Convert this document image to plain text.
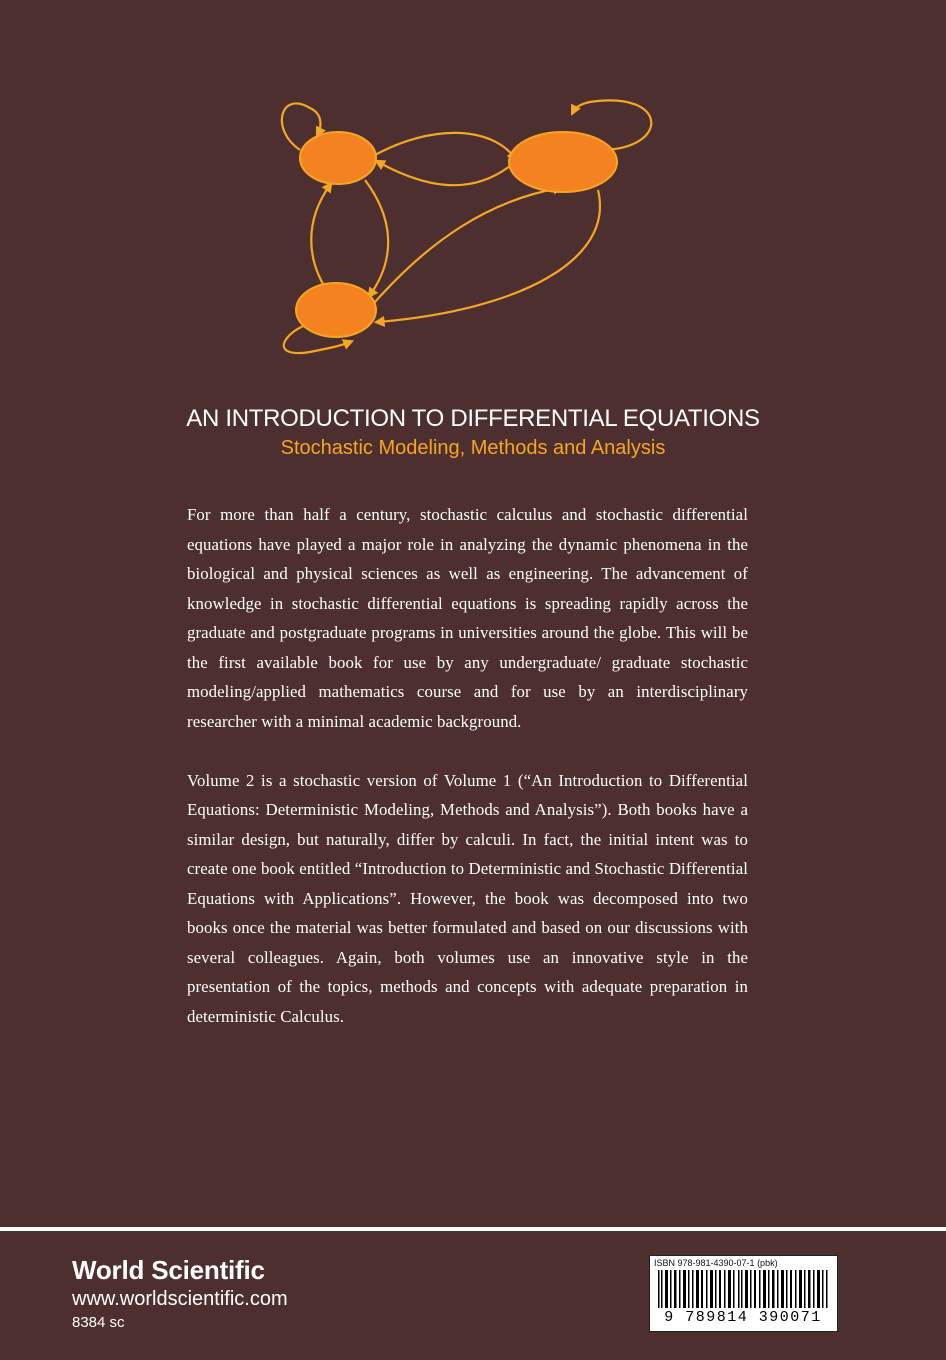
AN INTRODUCTION TO DIFFERENTIAL EQUATIONS

Stochastic Modeling, Methods and Analysis

For more than half a century, stochastic calculus and stochastic differential equations have played a major role in analyzing the dynamic phenomena in the biological and physical sciences as well as engineering. The advancement of knowledge in stochastic differential equations is spreading rapidly across the graduate and postgraduate programs in universities around the globe. This will be the first available book for use by any undergraduate/ graduate stochastic modeling/applied mathematics course and for use by an interdisciplinary researcher with a minimal academic background.

Volume 2 is a stochastic version of Volume 1 (“An Introduction to Differential Equations: Deterministic Modeling, Methods and Analysis”). Both books have a similar design, but naturally, differ by calculi. In fact, the initial intent was to create one book entitled “Introduction to Deterministic and Stochastic Differential Equations with Applications”. However, the book was decomposed into two books once the material was better formulated and based on our discussions with several colleagues. Again, both volumes use an innovative style in the presentation of the topics, methods and concepts with adequate preparation in deterministic Calculus.

World Scientific
www.worldscientific.com
8384 sc
ISBN 978-981-4390-07-1 (pbk)
9 789814 390071
